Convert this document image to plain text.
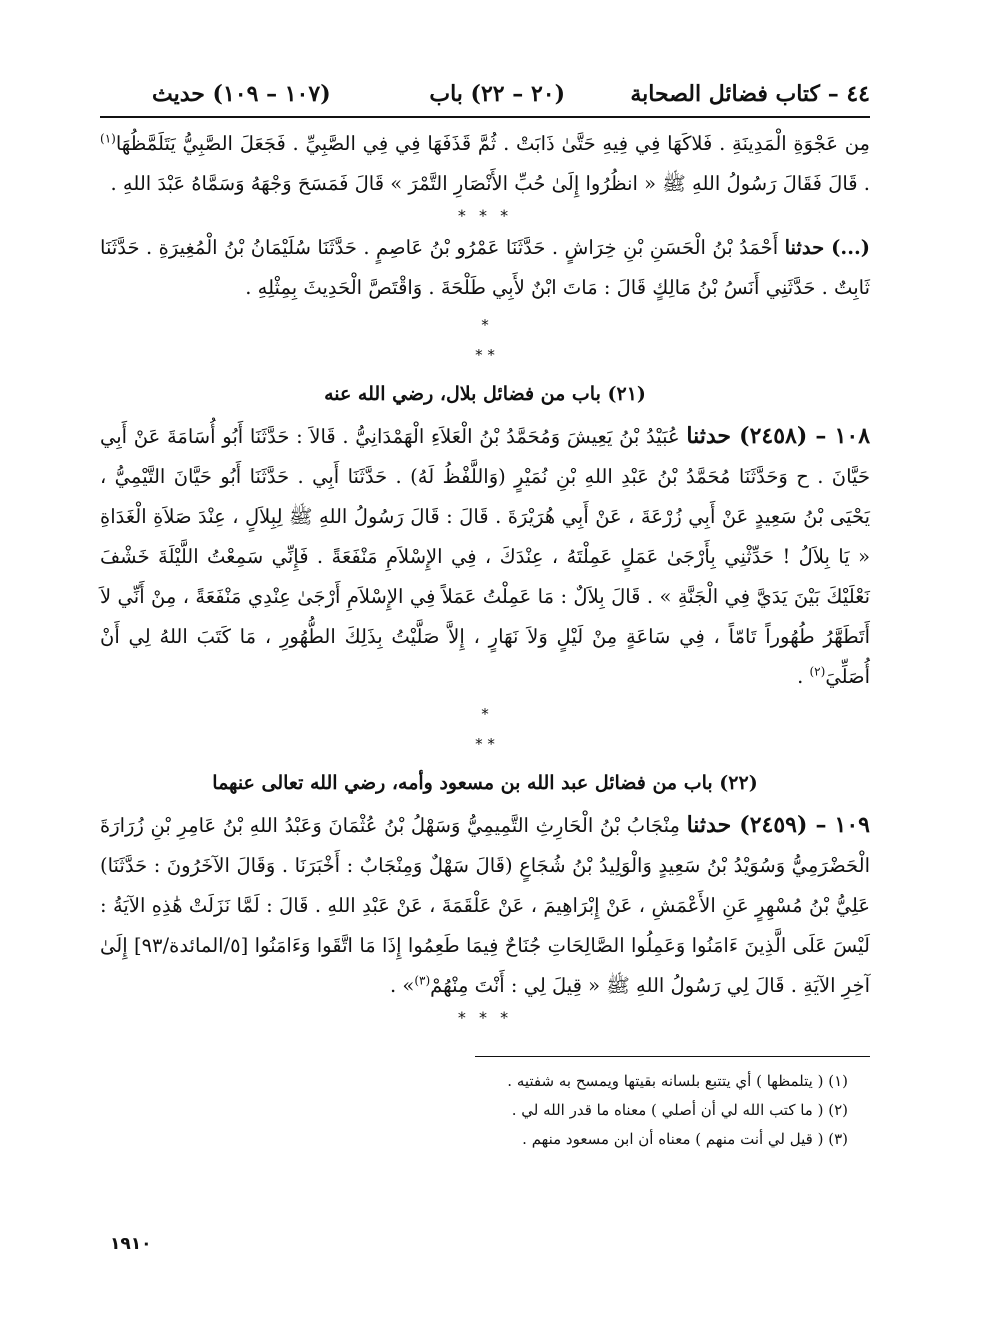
٤٤ – كتاب فضائل الصحابة
(٢٠ – ٢٢) باب
(١٠٧ – ١٠٩) حديث

مِن عَجْوَةِ الْمَدِينَةِ . فَلاكَهَا فِي فِيهِ حَتَّىٰ ذَابَتْ . ثُمَّ قَذَفَهَا فِي فِي الصَّبِيِّ . فَجَعَلَ الصَّبِيُّ يَتَلَمَّظُهَا$^{(١)}$ . قَالَ فَقَالَ رَسُولُ اللهِ ﷺ « انظُرُوا إِلَىٰ حُبِّ الأَنْصَارِ التَّمْرَ » قَالَ فَمَسَحَ وَجْهَهُ وَسَمَّاهُ عَبْدَ اللهِ .

* * *

(...) حدثنا أَحْمَدُ بْنُ الْحَسَنِ بْنِ خِرَاشٍ . حَدَّثَنَا عَمْرُو بْنُ عَاصِمٍ . حَدَّثَنَا سُلَيْمَانُ بْنُ الْمُغِيرَةِ . حَدَّثَنَا ثَابِتٌ . حَدَّثَنِي أَنَسُ بْنُ مَالِكٍ قَالَ : مَاتَ ابْنٌ لأَبِي طَلْحَةَ . وَاقْتَصَّ الْحَدِيثَ بِمِثْلِهِ .

*
* *
(٢١) باب من فضائل بلال، رضي الله عنه

١٠٨ – (٢٤٥٨) حدثنا عُبَيْدُ بْنُ يَعِيشَ وَمُحَمَّدُ بْنُ الْعَلاَءِ الْهَمْدَانِيُّ . قَالاَ : حَدَّثَنَا أَبُو أُسَامَةَ عَنْ أَبِي حَيَّانَ . ح وَحَدَّثَنَا مُحَمَّدُ بْنُ عَبْدِ اللهِ بْنِ نُمَيْرٍ (وَاللَّفْظُ لَهُ) . حَدَّثَنَا أَبِي . حَدَّثَنَا أَبُو حَيَّانَ التَّيْمِيُّ ، يَحْيَى بْنُ سَعِيدٍ عَنْ أَبِي زُرْعَةَ ، عَنْ أَبِي هُرَيْرَةَ . قَالَ : قَالَ رَسُولُ اللهِ ﷺ لِبِلاَلٍ ، عِنْدَ صَلاَةِ الْغَدَاةِ « يَا بِلاَلُ ! حَدِّثْنِي بِأَرْجَىٰ عَمَلٍ عَمِلْتَهُ ، عِنْدَكَ ، فِي الإِسْلاَمِ مَنْفَعَةً . فَإِنِّي سَمِعْتُ اللَّيْلَةَ خَشْفَ نَعْلَيْكَ بَيْنَ يَدَيَّ فِي الْجَنَّةِ » . قَالَ بِلاَلٌ : مَا عَمِلْتُ عَمَلاً فِي الإِسْلاَمِ أَرْجَىٰ عِنْدِي مَنْفَعَةً ، مِنْ أَنِّي لاَ أَتَطَهَّرُ طُهُوراً تَامّاً ، فِي سَاعَةٍ مِنْ لَيْلٍ وَلاَ نَهَارٍ ، إِلاَّ صَلَّيْتُ بِذَلِكَ الطُّهُورِ ، مَا كَتَبَ اللهُ لِي أَنْ أُصَلِّيَ$^{(٢)}$ .

*
* *
(٢٢) باب من فضائل عبد الله بن مسعود وأمه، رضي الله تعالى عنهما

١٠٩ – (٢٤٥٩) حدثنا مِنْجَابُ بْنُ الْحَارِثِ التَّمِيمِيُّ وَسَهْلُ بْنُ عُثْمَانَ وَعَبْدُ اللهِ بْنُ عَامِرِ بْنِ زُرَارَةَ الْحَضْرَمِيُّ وَسُوَيْدُ بْنُ سَعِيدٍ وَالْوَلِيدُ بْنُ شُجَاعٍ (قَالَ سَهْلٌ وَمِنْجَابٌ : أَخْبَرَنَا . وَقَالَ الآخَرُونَ : حَدَّثَنَا) عَلِيُّ بْنُ مُسْهِرٍ عَنِ الأَعْمَشِ ، عَنْ إِبْرَاهِيمَ ، عَنْ عَلْقَمَةَ ، عَنْ عَبْدِ اللهِ . قَالَ : لَمَّا نَزَلَتْ هَٰذِهِ الآيَةُ : لَيْسَ عَلَى الَّذِينَ ءَامَنُوا وَعَمِلُوا الصَّالِحَاتِ جُنَاحٌ فِيمَا طَعِمُوا إِذَا مَا اتَّقَوا وَءَامَنُوا [٥/المائدة/٩٣] إِلَىٰ آخِرِ الآيَةِ . قَالَ لِي رَسُولُ اللهِ ﷺ « قِيلَ لِي : أَنْتَ مِنْهُمْ$^{(٣)}$» .

* * *
(١) ( يتلمظها ) أي يتتبع بلسانه بقيتها ويمسح به شفتيه .
(٢) ( ما كتب الله لي أن أصلي ) معناه ما قدر الله لي .
(٣) ( قيل لي أنت منهم ) معناه أن ابن مسعود منهم .
١٩١٠
